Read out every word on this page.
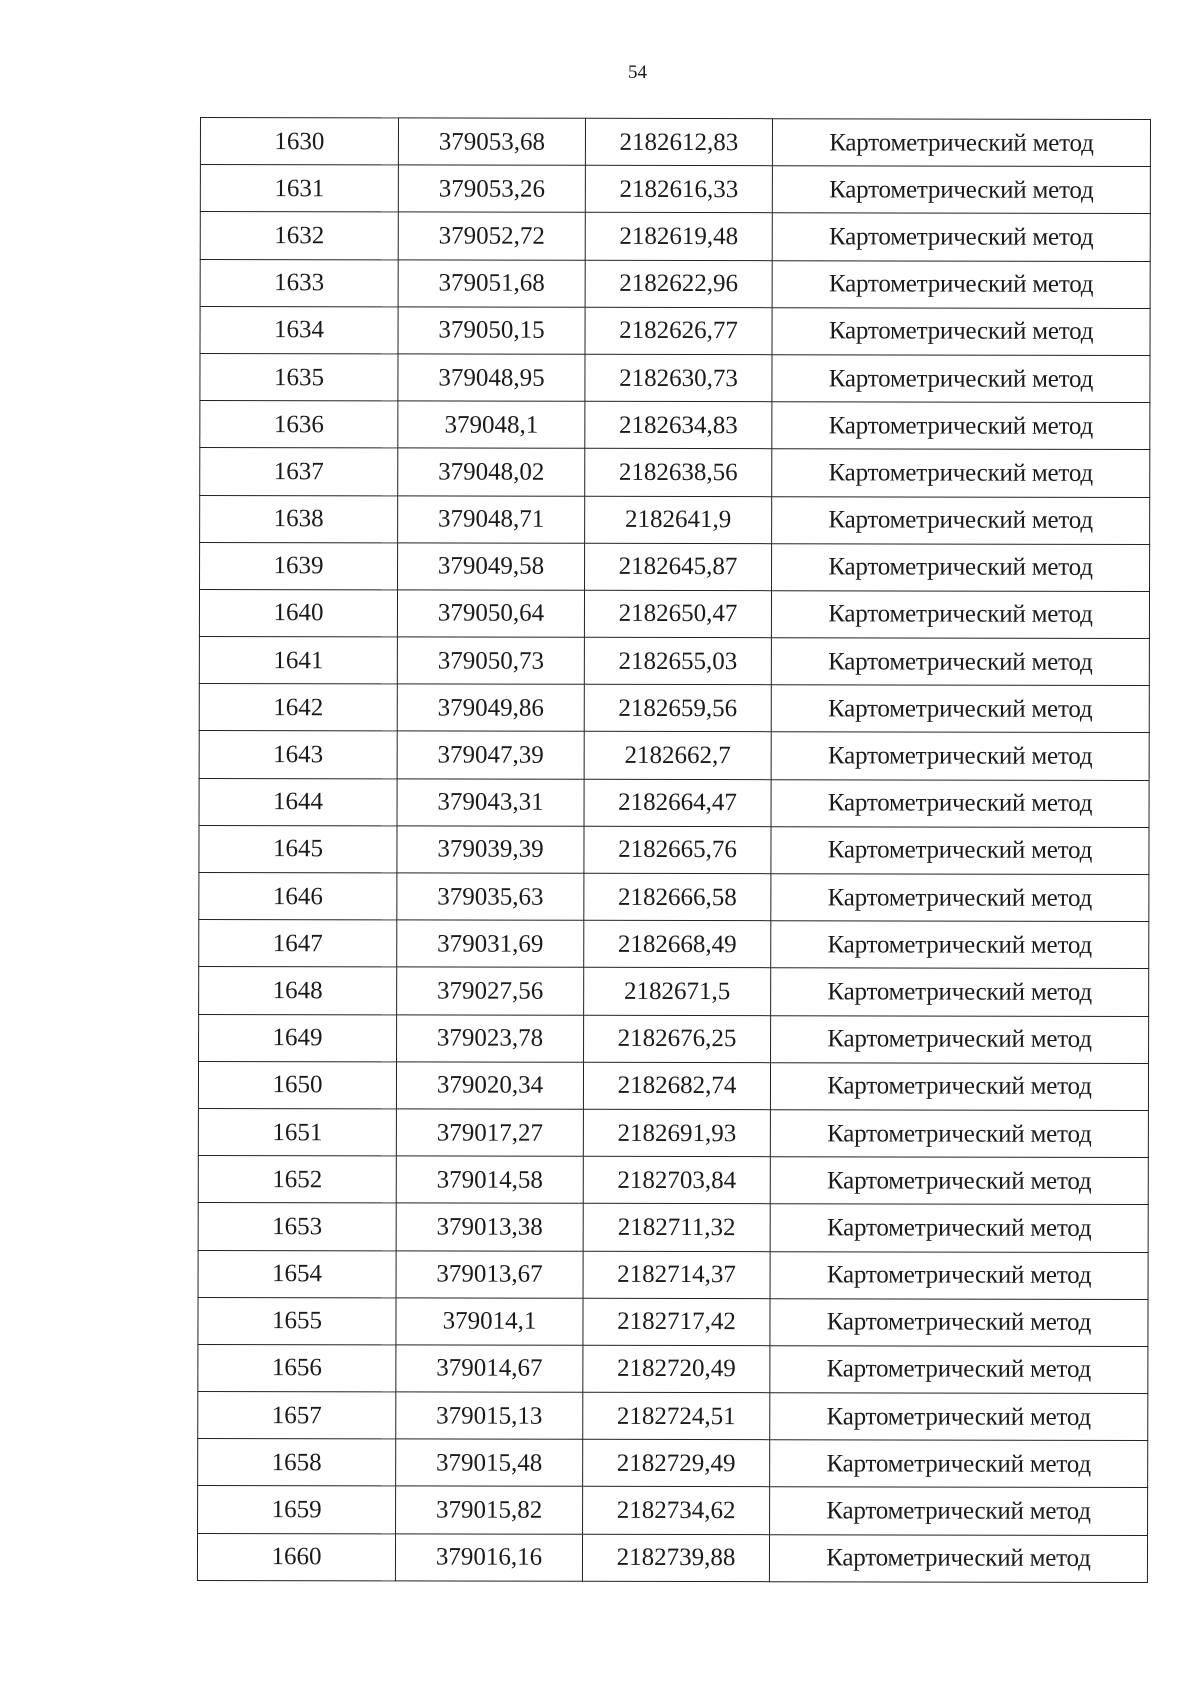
54
1630	379053,68	2182612,83	Картометрический метод
1631	379053,26	2182616,33	Картометрический метод
1632	379052,72	2182619,48	Картометрический метод
1633	379051,68	2182622,96	Картометрический метод
1634	379050,15	2182626,77	Картометрический метод
1635	379048,95	2182630,73	Картометрический метод
1636	379048,1	2182634,83	Картометрический метод
1637	379048,02	2182638,56	Картометрический метод
1638	379048,71	2182641,9	Картометрический метод
1639	379049,58	2182645,87	Картометрический метод
1640	379050,64	2182650,47	Картометрический метод
1641	379050,73	2182655,03	Картометрический метод
1642	379049,86	2182659,56	Картометрический метод
1643	379047,39	2182662,7	Картометрический метод
1644	379043,31	2182664,47	Картометрический метод
1645	379039,39	2182665,76	Картометрический метод
1646	379035,63	2182666,58	Картометрический метод
1647	379031,69	2182668,49	Картометрический метод
1648	379027,56	2182671,5	Картометрический метод
1649	379023,78	2182676,25	Картометрический метод
1650	379020,34	2182682,74	Картометрический метод
1651	379017,27	2182691,93	Картометрический метод
1652	379014,58	2182703,84	Картометрический метод
1653	379013,38	2182711,32	Картометрический метод
1654	379013,67	2182714,37	Картометрический метод
1655	379014,1	2182717,42	Картометрический метод
1656	379014,67	2182720,49	Картометрический метод
1657	379015,13	2182724,51	Картометрический метод
1658	379015,48	2182729,49	Картометрический метод
1659	379015,82	2182734,62	Картометрический метод
1660	379016,16	2182739,88	Картометрический метод
